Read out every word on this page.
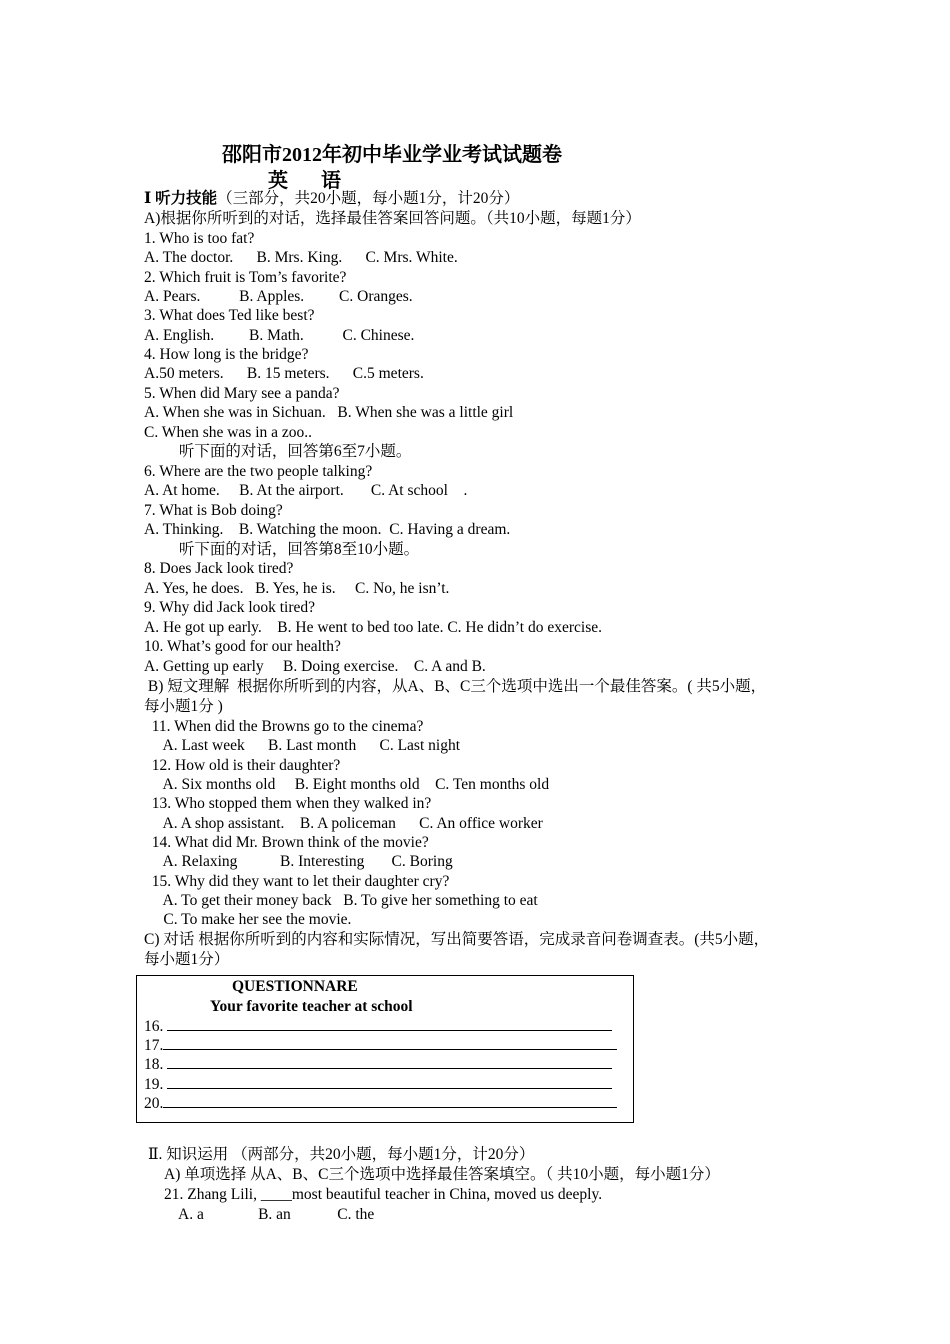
邵阳市2012年初中毕业学业考试试题卷
英 语
Ⅰ 听力技能（三部分，共20小题，每小题1分，计20分）
A)根据你所听到的对话，选择最佳答案回答问题。（共10小题，每题1分）
1. Who is too fat?
A. The doctor.      B. Mrs. King.      C. Mrs. White.
2. Which fruit is Tom’s favorite?
A. Pears.          B. Apples.         C. Oranges.
3. What does Ted like best?
A. English.         B. Math.          C. Chinese.
4. How long is the bridge?
A.50 meters.      B. 15 meters.      C.5 meters.
5. When did Mary see a panda?
A. When she was in Sichuan.   B. When she was a little girl
C. When she was in a zoo..
听下面的对话，回答第6至7小题。
6. Where are the two people talking?
A. At home.     B. At the airport.       C. At school    .
7. What is Bob doing?
A. Thinking.    B. Watching the moon.  C. Having a dream.
听下面的对话，回答第8至10小题。
8. Does Jack look tired?
A. Yes, he does.   B. Yes, he is.     C. No, he isn’t.
9. Why did Jack look tired?
A. He got up early.    B. He went to bed too late. C. He didn’t do exercise.
10. What’s good for our health?
A. Getting up early     B. Doing exercise.    C. A and B.
B) 短文理解  根据你所听到的内容，从A、B、C三个选项中选出一个最佳答案。( 共5小题，
每小题1分 )
11. When did the Browns go to the cinema?
A. Last week      B. Last month      C. Last night
12. How old is their daughter?
A. Six months old     B. Eight months old    C. Ten months old
13. Who stopped them when they walked in?
A. A shop assistant.    B. A policeman      C. An office worker
14. What did Mr. Brown think of the movie?
A. Relaxing           B. Interesting       C. Boring
15. Why did they want to let their daughter cry?
A. To get their money back   B. To give her something to eat
C. To make her see the movie.
C) 对话 根据你所听到的内容和实际情况，写出简要答语，完成录音问卷调查表。(共5小题，
每小题1分）
QUESTIONNARE
Your favorite teacher at school
16.
17.
18.
19.
20.
Ⅱ. 知识运用 （两部分，共20小题，每小题1分，计20分）
A) 单项选择 从A、B、C三个选项中选择最佳答案填空。（ 共10小题，每小题1分）
21. Zhang Lili, ____most beautiful teacher in China, moved us deeply.
A. a              B. an            C. the
